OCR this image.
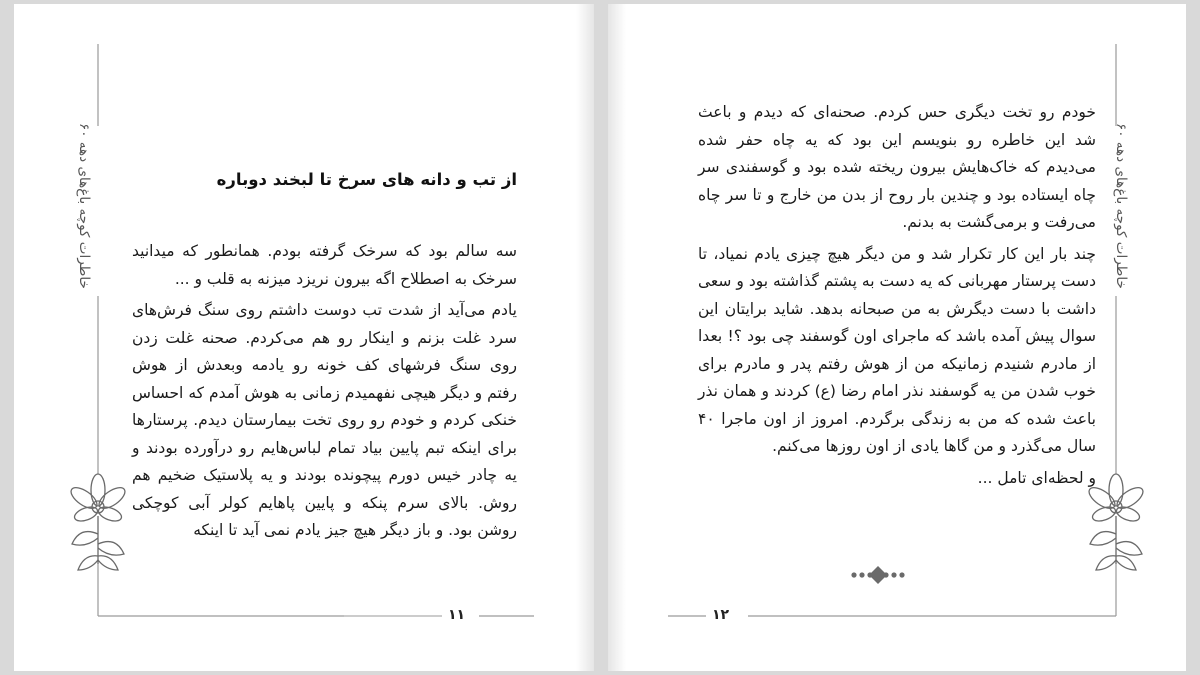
خاطرات کوچه باغ‌های دهه ۶۰	از تب و دانه های سرخ تا لبخند دوباره

سه سالم بود که سرخک گرفته بودم. همانطور که میدانید سرخک به اصطلاح اگه بیرون نریزد میزنه به قلب و ...

یادم می‌آید از شدت تب دوست داشتم روی سنگ فرش‌های سرد غلت بزنم و اینکار رو هم می‌کردم. صحنه غلت زدن روی سنگ فرشهای کف خونه رو یادمه وبعدش از هوش رفتم و دیگر هیچی نفهمیدم زمانی به هوش آمدم که احساس خنکی کردم و خودم رو روی تخت بیمارستان دیدم. پرستارها برای اینکه تبم پایین بیاد تمام لباس‌هایم رو درآورده بودند و یه چادر خیس دورم پیچونده بودند و یه پلاستیک ضخیم هم روش. بالای سرم پنکه و پایین پاهایم کولر آبی کوچکی روشن بود. و باز دیگر هیچ جیز یادم نمی آید تا اینکه

۱۱
خاطرات کوچه باغ‌های دهه ۶۰

خودم رو تخت دیگری حس کردم. صحنه‌ای که دیدم و باعث شد این خاطره رو بنویسم این بود که یه چاه حفر شده می‌دیدم که خاک‌هایش بیرون ریخته شده بود و گوسفندی سر چاه ایستاده بود و چندین بار روح از بدن من خارج و تا سر چاه می‌رفت و برمی‌گشت به بدنم.

چند بار این کار تکرار شد و من دیگر هیچ چیزی یادم نمیاد، تا دست پرستار مهربانی که یه دست به پشتم گذاشته بود و سعی داشت با دست دیگرش به من صبحانه بدهد. شاید برایتان این سوال پیش آمده باشد که ماجرای اون گوسفند چی بود ؟! بعدا از مادرم شنیدم زمانیکه من از هوش رفتم پدر و مادرم برای خوب شدن من یه گوسفند نذر امام رضا (ع) کردند و همان نذر باعث شده که من به زندگی برگردم. امروز از اون ماجرا ۴۰ سال می‌گذرد و من گاها یادی از اون روزها می‌کنم.

و لحظه‌ای تامل ...

۱۲
